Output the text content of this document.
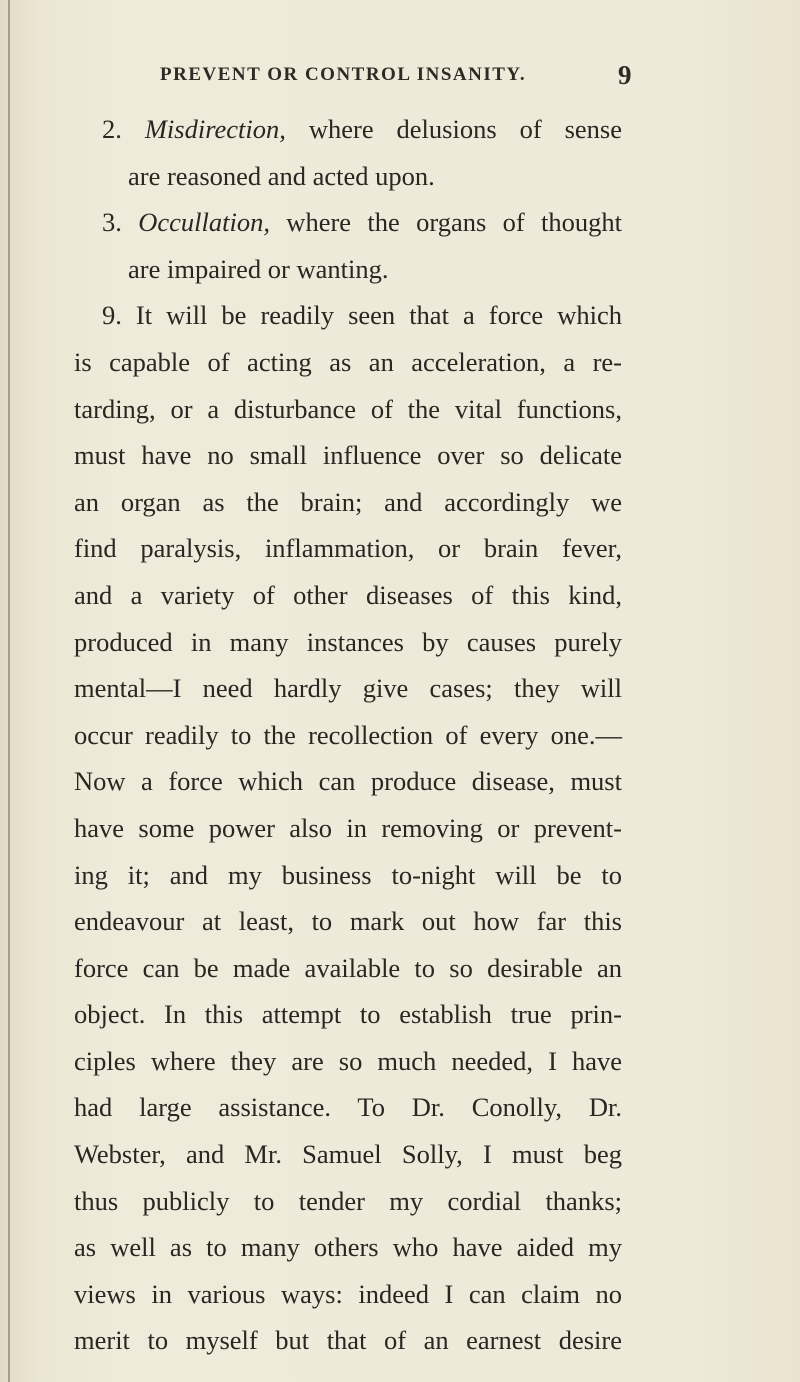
PREVENT OR CONTROL INSANITY.	9
2. Misdirection, where delusions of sense
are reasoned and acted upon.
3. Occullation, where the organs of thought
are impaired or wanting.
9. It will be readily seen that a force which
is capable of acting as an acceleration, a re-
tarding, or a disturbance of the vital functions,
must have no small influence over so delicate
an organ as the brain; and accordingly we
find paralysis, inflammation, or brain fever,
and a variety of other diseases of this kind,
produced in many instances by causes purely
mental—I need hardly give cases; they will
occur readily to the recollection of every one.—
Now a force which can produce disease, must
have some power also in removing or prevent-
ing it; and my business to-night will be to
endeavour at least, to mark out how far this
force can be made available to so desirable an
object. In this attempt to establish true prin-
ciples where they are so much needed, I have
had large assistance. To Dr. Conolly, Dr.
Webster, and Mr. Samuel Solly, I must beg
thus publicly to tender my cordial thanks;
as well as to many others who have aided my
views in various ways: indeed I can claim no
merit to myself but that of an earnest desire
